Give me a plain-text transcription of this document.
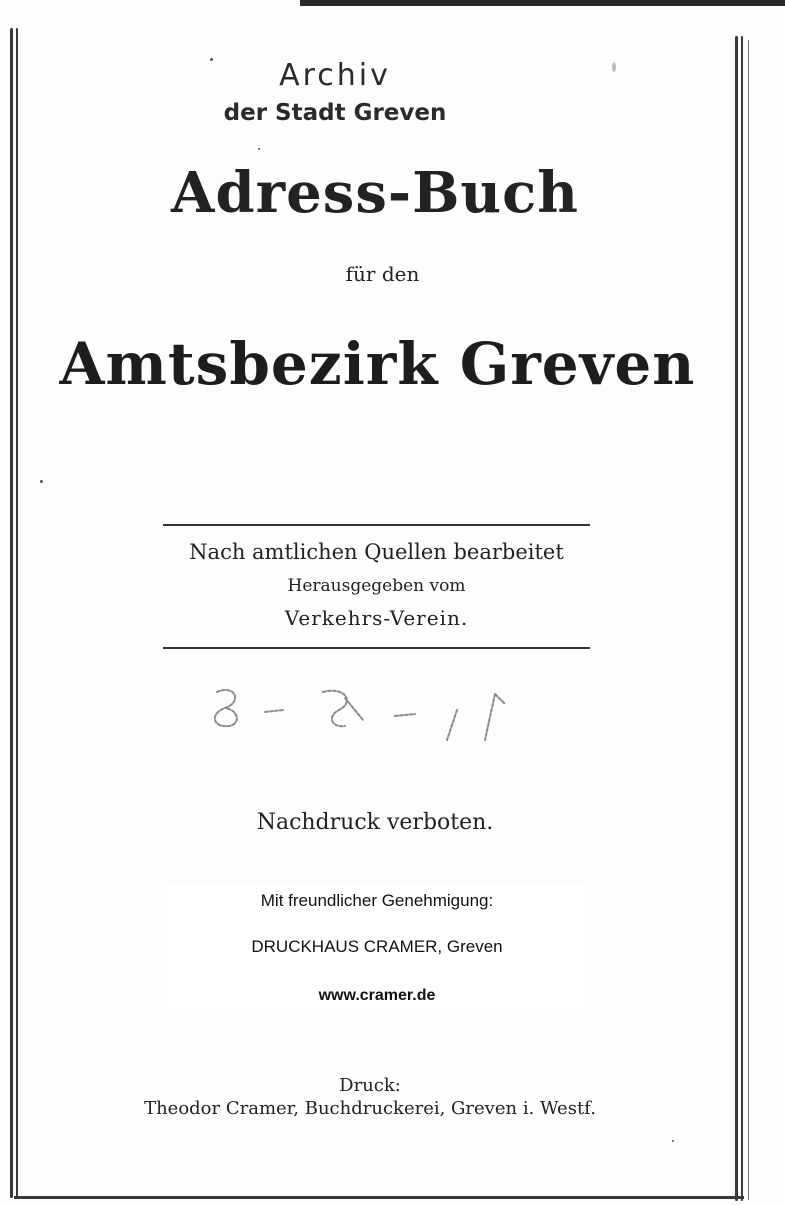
Archiv
der Stadt Greven
Adress-Buch
für den
Amtsbezirk Greven
Nach amtlichen Quellen bearbeitet
Herausgegeben vom
Verkehrs-Verein.
Nachdruck verboten.
Mit freundlicher Genehmigung:
DRUCKHAUS CRAMER, Greven
www.cramer.de
Druck:
Theodor Cramer, Buchdruckerei, Greven i. Westf.
